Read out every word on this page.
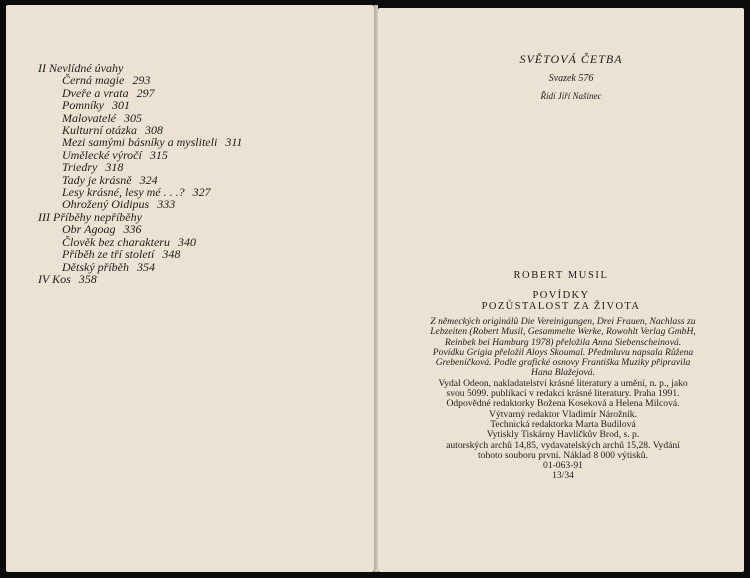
II Nevlídné úvahy
Černá magie 293
Dveře a vrata 297
Pomníky 301
Malovatelé 305
Kulturní otázka 308
Mezi samými básníky a mysliteli 311
Umělecké výročí 315
Triedry 318
Tady je krásně 324
Lesy krásné, lesy mé . . .? 327
Ohrožený Oidipus 333
III Příběhy nepříběhy
Obr Agoag 336
Člověk bez charakteru 340
Příběh ze tří století 348
Dětský příběh 354
IV Kos 358
SVĚTOVÁ ČETBA
Svazek 576
Řídí Jiří Našinec
ROBERT MUSIL
POVÍDKY
POZŮSTALOST ZA ŽIVOTA
Z německých originálů Die Vereinigungen, Drei Frauen, Nachlass zu
Lebzeiten (Robert Musil, Gesammelte Werke, Rowohlt Verlag GmbH,
Reinbek bei Hamburg 1978) přeložila Anna Siebenscheinová.
Povídku Grigia přeložil Aloys Skoumal. Předmluvu napsala Růžena
Grebeníčková. Podle grafické osnovy Františka Muziky připravila
Hana Blažejová.
Vydal Odeon, nakladatelství krásné literatury a umění, n. p., jako
svou 5099. publikaci v redakci krásné literatury. Praha 1991.
Odpovědné redaktorky Božena Koseková a Helena Milcová.
Výtvarný redaktor Vladimír Nárožník.
Technická redaktorka Marta Budilová
Vytiskly Tiskárny Havlíčkův Brod, s. p.
autorských archů 14,85, vydavatelských archů 15,28. Vydání
tohoto souboru první. Náklad 8 000 výtisků.
01-063-91
13/34
